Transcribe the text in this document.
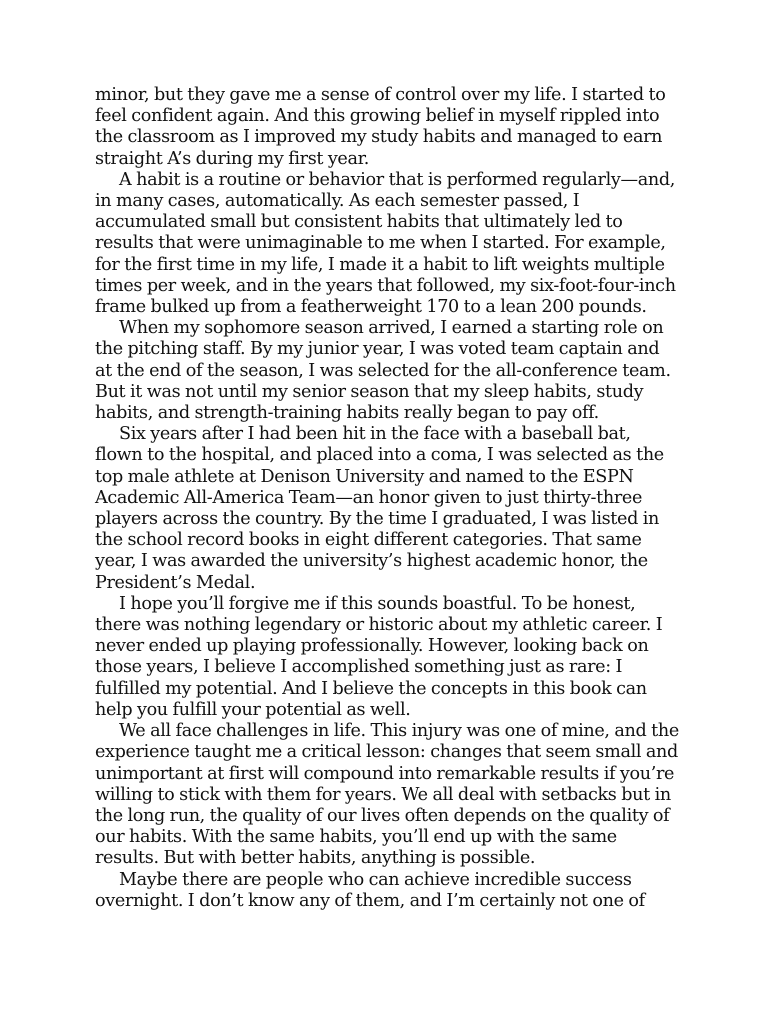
minor, but they gave me a sense of control over my life. I started to feel confident again. And this growing belief in myself rippled into the classroom as I improved my study habits and managed to earn straight A’s during my first year.

A habit is a routine or behavior that is performed regularly—and, in many cases, automatically. As each semester passed, I accumulated small but consistent habits that ultimately led to results that were unimaginable to me when I started. For example, for the first time in my life, I made it a habit to lift weights multiple times per week, and in the years that followed, my six-foot-four-inch frame bulked up from a featherweight 170 to a lean 200 pounds.

When my sophomore season arrived, I earned a starting role on the pitching staff. By my junior year, I was voted team captain and at the end of the season, I was selected for the all-conference team. But it was not until my senior season that my sleep habits, study habits, and strength-training habits really began to pay off.

Six years after I had been hit in the face with a baseball bat, flown to the hospital, and placed into a coma, I was selected as the top male athlete at Denison University and named to the ESPN Academic All-America Team—an honor given to just thirty-three players across the country. By the time I graduated, I was listed in the school record books in eight different categories. That same year, I was awarded the university’s highest academic honor, the President’s Medal.

I hope you’ll forgive me if this sounds boastful. To be honest, there was nothing legendary or historic about my athletic career. I never ended up playing professionally. However, looking back on those years, I believe I accomplished something just as rare: I fulfilled my potential. And I believe the concepts in this book can help you fulfill your potential as well.

We all face challenges in life. This injury was one of mine, and the experience taught me a critical lesson: changes that seem small and unimportant at first will compound into remarkable results if you’re willing to stick with them for years. We all deal with setbacks but in the long run, the quality of our lives often depends on the quality of our habits. With the same habits, you’ll end up with the same results. But with better habits, anything is possible.

Maybe there are people who can achieve incredible success overnight. I don’t know any of them, and I’m certainly not one of
